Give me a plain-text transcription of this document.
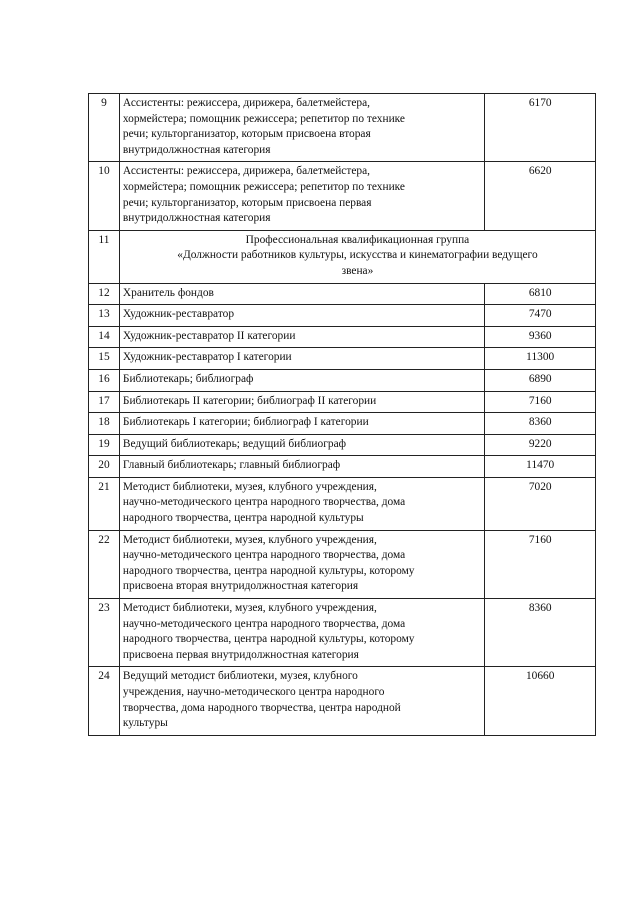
9	Ассистенты: режиссера, дирижера, балетмейстера,
хормейстера; помощник режиссера; репетитор по технике
речи; культорганизатор, которым присвоена вторая
внутридолжностная категория	6170
10	Ассистенты: режиссера, дирижера, балетмейстера,
хормейстера; помощник режиссера; репетитор по технике
речи; культорганизатор, которым присвоена первая
внутридолжностная категория	6620
11	Профессиональная квалификационная группа
«Должности работников культуры, искусства и кинематографии ведущего
звена»	
12	Хранитель фондов	6810
13	Художник-реставратор	7470
14	Художник-реставратор II категории	9360
15	Художник-реставратор I категории	11300
16	Библиотекарь; библиограф	6890
17	Библиотекарь II категории; библиограф II категории	7160
18	Библиотекарь I категории; библиограф I категории	8360
19	Ведущий библиотекарь; ведущий библиограф	9220
20	Главный библиотекарь; главный библиограф	11470
21	Методист библиотеки, музея, клубного учреждения,
научно-методического центра народного творчества, дома
народного творчества, центра народной культуры	7020
22	Методист библиотеки, музея, клубного учреждения,
научно-методического центра народного творчества, дома
народного творчества, центра народной культуры, которому
присвоена вторая внутридолжностная категория	7160
23	Методист библиотеки, музея, клубного учреждения,
научно-методического центра народного творчества, дома
народного творчества, центра народной культуры, которому
присвоена первая внутридолжностная категория	8360
24	Ведущий методист библиотеки, музея, клубного
учреждения, научно-методического центра народного
творчества, дома народного творчества, центра народной
культуры	10660
